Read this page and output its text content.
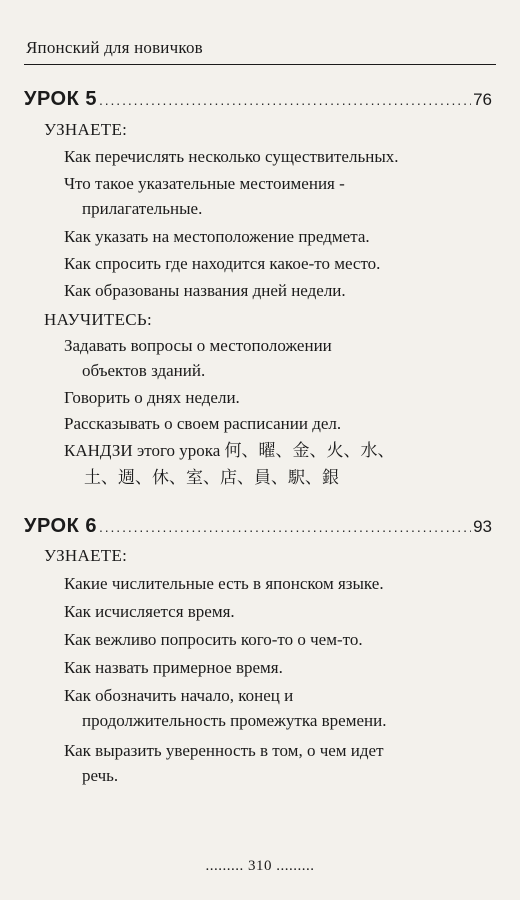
Японский для новичков
УРОК 5 . . .	76
УЗНАЕТЕ:
Как перечислять несколько существительных.
Что такое указательные местоимения -
прилагательные.
Как указать на местоположение предмета.
Как спросить где находится какое-то место.
Как образованы названия дней недели.
НАУЧИТЕСЬ:
Задавать вопросы о местоположении
объектов зданий.
Говорить о днях недели.
Рассказывать о своем расписании дел.
КАНДЗИ этого урока 何、曜、金、火、水、
土、週、休、室、店、員、駅、銀
УРОК 6 . . .	93
УЗНАЕТЕ:
Какие числительные есть в японском языке.
Как исчисляется время.
Как вежливо попросить кого-то о чем-то.
Как назвать примерное время.
Как обозначить начало, конец и
продолжительность промежутка времени.
Как выразить уверенность в том, о чем идет
речь.
......... 310 .........
